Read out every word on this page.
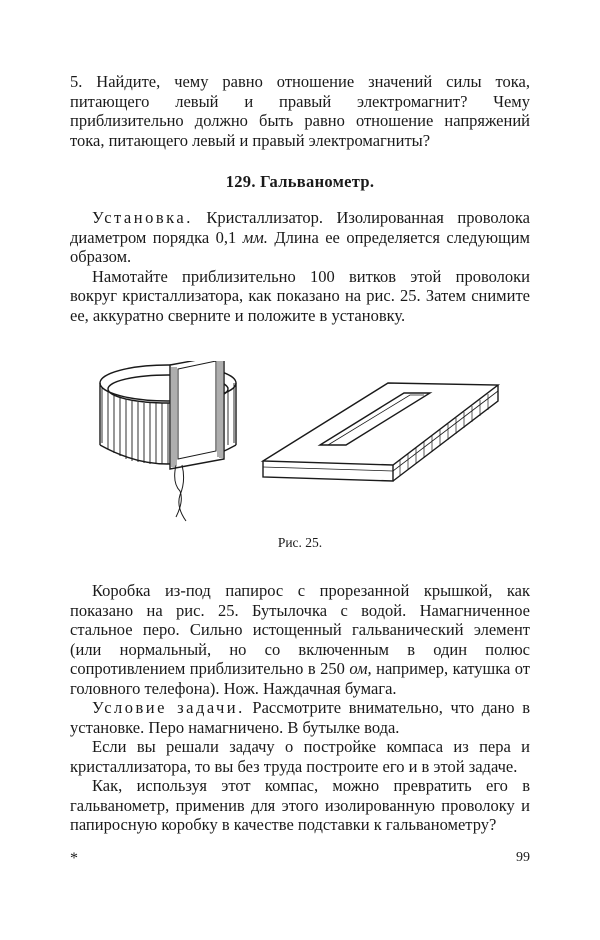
5. Найдите, чему равно отношение значений силы тока, питающего левый и правый электромагнит? Чему приблизительно должно быть равно отношение напряжений тока, питающего левый и правый электромагниты?

129. Гальванометр.

Установка. Кристаллизатор. Изолированная проволока диаметром порядка 0,1 мм. Длина ее определяется следующим образом.

Намотайте приблизительно 100 витков этой проволоки вокруг кристаллизатора, как показано на рис. 25. Затем снимите ее, аккуратно сверните и положите в установку.

Рис. 25.

Коробка из-под папирос с прорезанной крышкой, как показано на рис. 25. Бутылочка с водой. Намагниченное стальное перо. Сильно истощенный гальванический элемент (или нормальный, но со включенным в один полюс сопротивлением приблизительно в 250 ом, например, катушка от головного телефона). Нож. Наждачная бумага.

Условие задачи. Рассмотрите внимательно, что дано в установке. Перо намагничено. В бутылке вода.

Если вы решали задачу о постройке компаса из пера и кристаллизатора, то вы без труда построите его и в этой задаче.

Как, используя этот компас, можно превратить его в гальванометр, применив для этого изолированную проволоку и папиросную коробку в качестве подставки к гальванометру?

*	99
